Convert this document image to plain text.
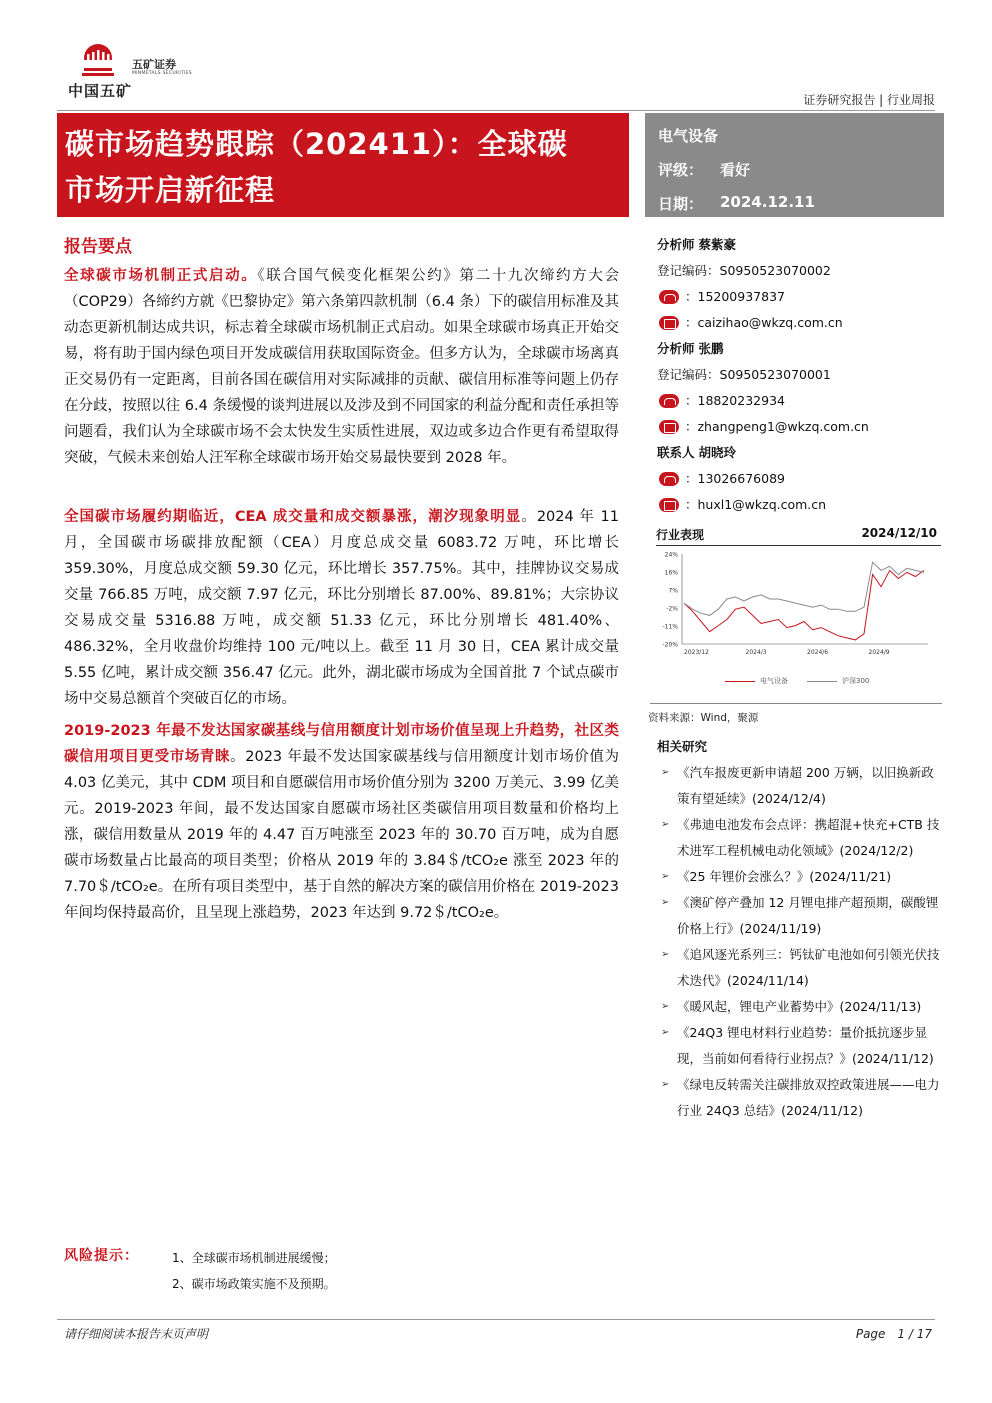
中国五矿
五矿证券
MINMETALS SECURITIES
证券研究报告 | 行业周报
碳市场趋势跟踪（202411）：全球碳
市场开启新征程
电气设备
评级： 看好
日期： 2024.12.11
报告要点
全球碳市场机制正式启动。《联合国气候变化框架公约》第二十九次缔约方大会（COP29）各缔约方就《巴黎协定》第六条第四款机制（6.4 条）下的碳信用标准及其动态更新机制达成共识，标志着全球碳市场机制正式启动。如果全球碳市场真正开始交易，将有助于国内绿色项目开发成碳信用获取国际资金。但多方认为，全球碳市场离真正交易仍有一定距离，目前各国在碳信用对实际减排的贡献、碳信用标准等问题上仍存在分歧，按照以往 6.4 条缓慢的谈判进展以及涉及到不同国家的利益分配和责任承担等问题看，我们认为全球碳市场不会太快发生实质性进展，双边或多边合作更有希望取得突破，气候未来创始人汪军称全球碳市场开始交易最快要到 2028 年。
全国碳市场履约期临近，CEA 成交量和成交额暴涨，潮汐现象明显。2024 年 11 月，全国碳市场碳排放配额（CEA）月度总成交量 6083.72 万吨，环比增长 359.30%，月度总成交额 59.30 亿元，环比增长 357.75%。其中，挂牌协议交易成交量 766.85 万吨，成交额 7.97 亿元，环比分别增长 87.00%、89.81%；大宗协议交易成交量 5316.88 万吨，成交额 51.33 亿元，环比分别增长 481.40%、486.32%，全月收盘价均维持 100 元/吨以上。截至 11 月 30 日，CEA 累计成交量 5.55 亿吨，累计成交额 356.47 亿元。此外，湖北碳市场成为全国首批 7 个试点碳市场中交易总额首个突破百亿的市场。
2019-2023 年最不发达国家碳基线与信用额度计划市场价值呈现上升趋势，社区类碳信用项目更受市场青睐。2023 年最不发达国家碳基线与信用额度计划市场价值为 4.03 亿美元，其中 CDM 项目和自愿碳信用市场价值分别为 3200 万美元、3.99 亿美元。2019-2023 年间，最不发达国家自愿碳市场社区类碳信用项目数量和价格均上涨，碳信用数量从 2019 年的 4.47 百万吨涨至 2023 年的 30.70 百万吨，成为自愿碳市场数量占比最高的项目类型；价格从 2019 年的 3.84＄/tCO₂e 涨至 2023 年的 7.70＄/tCO₂e。在所有项目类型中，基于自然的解决方案的碳信用价格在 2019-2023 年间均保持最高价，且呈现上涨趋势，2023 年达到 9.72＄/tCO₂e。
分析师
蔡紫豪
登记编码： S0950523070002
：15200937837
：caizihao@wkzq.com.cn
分析师
张鹏
登记编码： S0950523070001
：18820232934
：zhangpeng1@wkzq.com.cn
联系人
胡晓玲
：13026676089
：huxl1@wkzq.com.cn
行业表现	2024/12/10
24%
16%
7%
-2%
-11%
-20%
2023/12	2024/3	2024/6	2024/9
电气设备	沪深300
资料来源：Wind，聚源
相关研究
➢ 《汽车报废更新申请超 200 万辆，以旧换新政策有望延续》(2024/12/4)
➢ 《弗迪电池发布会点评：携超混+快充+CTB 技术进军工程机械电动化领域》(2024/12/2)
➢ 《25 年锂价会涨么？》(2024/11/21)
➢ 《澳矿停产叠加 12 月锂电排产超预期，碳酸锂价格上行》(2024/11/19)
➢ 《追风逐光系列三：钙钛矿电池如何引领光伏技术迭代》(2024/11/14)
➢ 《暖风起，锂电产业蓄势中》(2024/11/13)
➢ 《24Q3 锂电材料行业趋势：量价抵抗逐步显现，当前如何看待行业拐点？》(2024/11/12)
➢ 《绿电反转需关注碳排放双控政策进展——电力行业 24Q3 总结》(2024/11/12)
风险提示：	1、全球碳市场机制进展缓慢；
2、碳市场政策实施不及预期。
请仔细阅读本报告末页声明	Page　1 / 17
